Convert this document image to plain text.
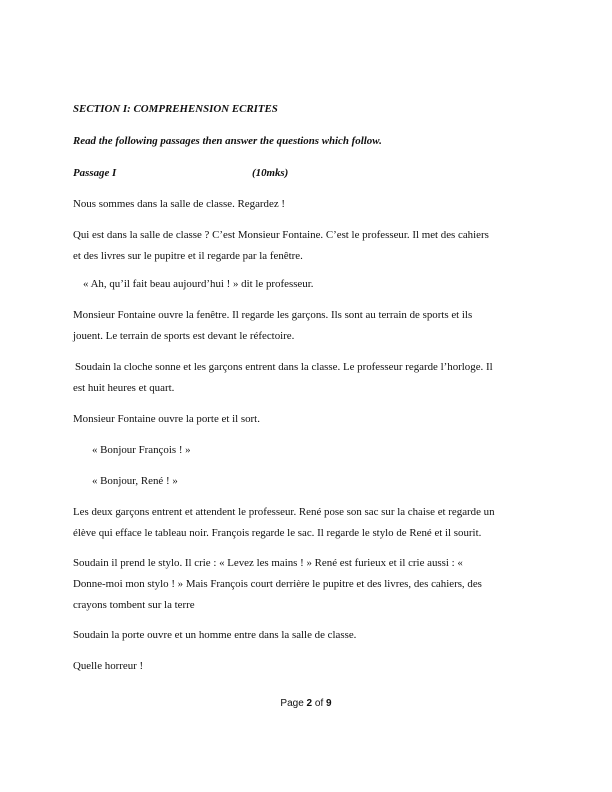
SECTION I: COMPREHENSION ECRITES

Read the following passages then answer the questions which follow.

Passage I	(10mks)

Nous sommes dans la salle de classe. Regardez !

Qui est dans la salle de classe ? C’est Monsieur Fontaine. C’est le professeur. Il met des cahiers

et des livres sur le pupitre et il regarde par la fenêtre.

« Ah, qu’il fait beau aujourd’hui ! » dit le professeur.

Monsieur Fontaine ouvre la fenêtre. Il regarde les garçons. Ils sont au terrain de sports et ils

jouent. Le terrain de sports est devant le réfectoire.

Soudain la cloche sonne et les garçons entrent dans la classe. Le professeur regarde l’horloge. Il

est huit heures et quart.

Monsieur Fontaine ouvre la porte et il sort.

« Bonjour François ! »

« Bonjour, René ! »

Les deux garçons entrent et attendent le professeur. René pose son sac sur la chaise et regarde un

élève qui efface le tableau noir. François regarde le sac. Il regarde le stylo de René et il sourit.

Soudain il prend le stylo. Il crie : « Levez les mains ! » René est furieux et il crie aussi : «

Donne-moi mon stylo ! » Mais François court derrière le pupitre et des livres, des cahiers, des

crayons tombent sur la terre

Soudain la porte ouvre et un homme entre dans la salle de classe.

Quelle horreur !

Page 2 of 9
